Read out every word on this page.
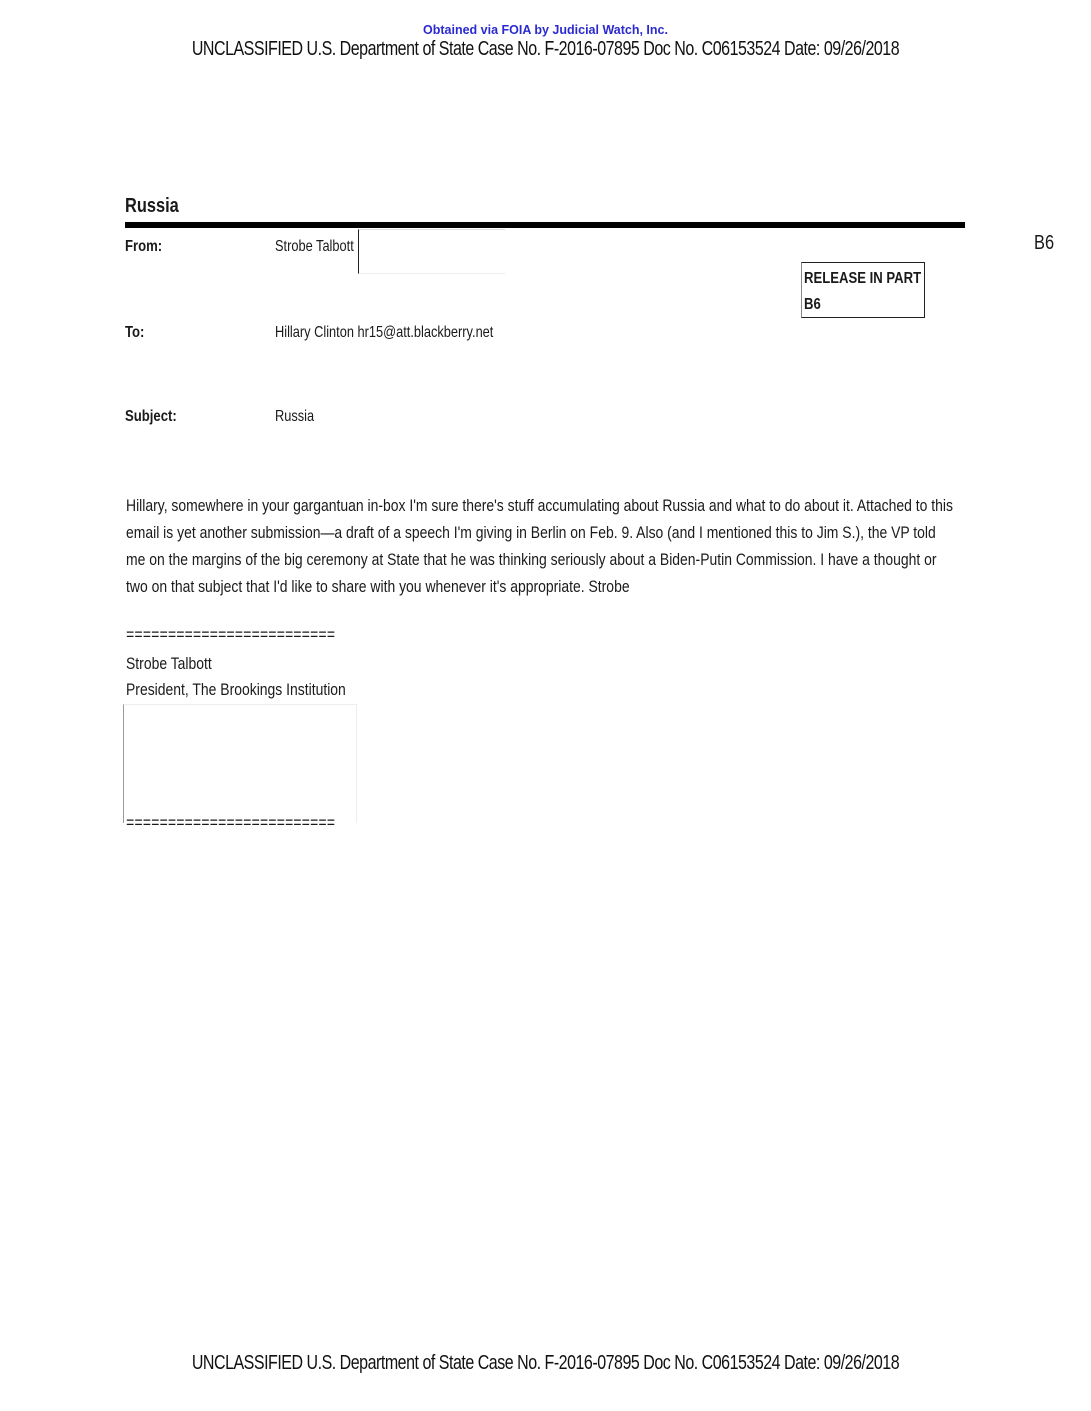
Obtained via FOIA by Judicial Watch, Inc.
UNCLASSIFIED U.S. Department of State Case No. F-2016-07895 Doc No. C06153524 Date: 09/26/2018
Russia
B6
From:	Strobe Talbott
RELEASE IN PART
B6
To:	Hillary Clinton hr15@att.blackberry.net
Subject:	Russia

Hillary, somewhere in your gargantuan in-box I'm sure there's stuff accumulating about Russia and what to do about it. Attached to this email is yet another submission—a draft of a speech I'm giving in Berlin on Feb. 9. Also (and I mentioned this to Jim S.), the VP told me on the margins of the big ceremony at State that he was thinking seriously about a Biden-Putin Commission. I have a thought or two on that subject that I'd like to share with you whenever it's appropriate. Strobe

=========================
Strobe Talbott
President, The Brookings Institution
=========================
UNCLASSIFIED U.S. Department of State Case No. F-2016-07895 Doc No. C06153524 Date: 09/26/2018
